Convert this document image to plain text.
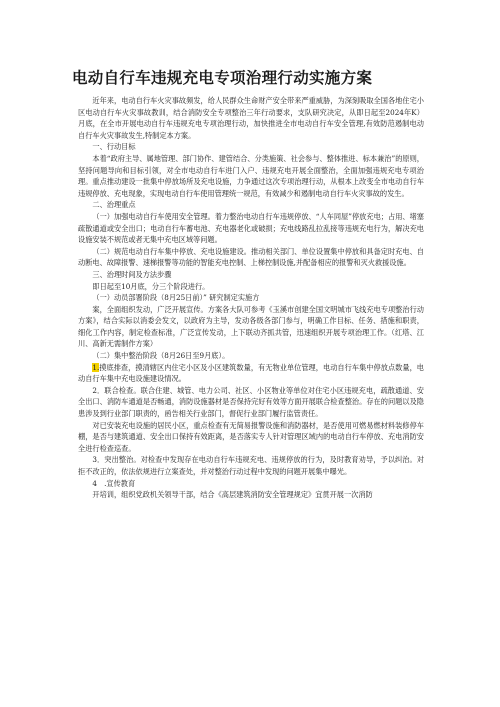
电动自行车违规充电专项治理行动实施方案

近年来，电动自行车火灾事故频发，给人民群众生命财产安全带来严重威胁，为深刻吸取全国各地住宅小区电动自行车火灾事故教训，结合消防安全专项整治三年行动要求，支队研究决定，从即日起至2024年K）月底，在全市开展电动自行车违规充电专项治理行动，加快推进全市电动自行车安全管理,有效防范遏制电动自行车火灾事故发生,特制定本方案。

一、行动目标

本着“政府主导、属地管理、部门协作、建管结合、分类施策、社会参与、整体推进、标本兼治”的原则，坚持问题导向和目标引领，对全市电动自行车进门入户、违规充电开展全面整治，全面加强违规充电专项治理。重点推动建设一批集中停放场所及充电设施，力争通过这次专项治理行动，从根本上改变全市电动自行车违规停放、充电现象，实现电动自行车使用管理统一规范，有效减少和遏制电动自行车火灾事故的发生。

二、治理重点

（一）加强电动自行车使用安全管理。着力整治电动自行车违规停放、“人车同屋”停放充电；占用、堵塞疏散通道或安全出口；电动自行车蓄电池、充电器老化或破损；充电线路乱拉乱接等违规充电行为，解决充电设施安装不规范或者无集中充电区域等问题。

（二）规范电动自行车集中停放、充电设施建设。推动相关部门、单位设置集中停放和具备定时充电、自动断电、故障报警、速梯报警等功能的智能充电控制、上梯控制设施,并配备相应的报警和灭火救援设施。

三、治理时间及方法步骤

即日起至10月底，分三个阶段进行。

（一）动员部署阶段（8月25日前）” 研究制定实施方

案，全面组织发动，广泛开展宣传。方案各大队可参考《玉溪市创建全国文明城市飞线充电专项整治行动方案》，结合实际以消委会发文，以政府为主导，发动各级各部门参与，明确工作目标、任务、措施和职责，细化工作内容，制定检查标准，广泛宣传发动，上下联动齐抓共管，迅速组织开展专项治理工作。（红塔、江川、高新无需制作方案）

（二）集中整治阶段（8月26日至9月底）。

1.摸底排查，摸清辖区内住宅小区及小区建筑数量，有无物业单位管理，电动自行车集中停放点数量，电动自行车集中充电设施建设情况。

2．联合检查。联合住建、城管、电力公司、社区、小区物业等单位对住宅小区违规充电，疏散通道、安全出口、消防车通道是否畅通，消防设施器材是否保持完好有效等方面开展联合检查整治。存在的问题以及隐患涉及到行业部门职责的，函告相关行业部门，督促行业部门履行监管责任。

对已安装充电设施的居民小区，重点检查有无简易报警设施和消防器材，是否使用可燃易燃材料装修停车棚，是否与建筑通道、安全出口保持有效距离，是否落实专人针对管理区域内的电动自行车停放、充电消防安全进行检查巡查。

3．突出整治。对检查中发现存在电动自行车违规充电、违规停放的行为，及时教育劝导，予以纠治。对拒不改正的，依法依规进行立案查处，并对整治行动过程中发现的问题开展集中曝光。

4　.宣传教育

开培训，组织党政机关领导干部，结合《高层建筑消防安全管理规定》宜贯开展一次消防
